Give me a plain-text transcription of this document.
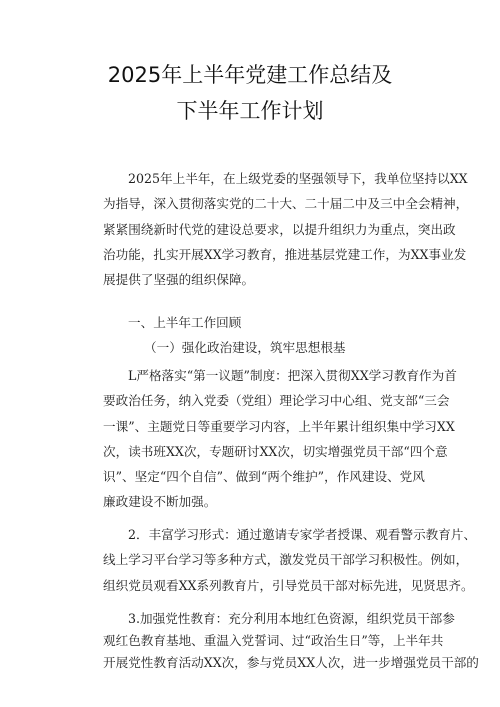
2025年上半年党建工作总结及
下半年工作计划
2025年上半年，在上级党委的坚强领导下，我单位坚持以XX
为指导，深入贯彻落实党的二十大、二十届二中及三中全会精神，
紧紧围绕新时代党的建设总要求，以提升组织力为重点，突出政
治功能，扎实开展XX学习教育，推进基层党建工作，为XX事业发
展提供了坚强的组织保障。
一、上半年工作回顾
（一）强化政治建设，筑牢思想根基
L严格落实“第一议题”制度：把深入贯彻XX学习教育作为首
要政治任务，纳入党委（党组）理论学习中心组、党支部“三会
一课”、主题党日等重要学习内容，上半年累计组织集中学习XX
次，读书班XX次，专题研讨XX次，切实增强党员干部“四个意
识”、坚定“四个自信”、做到“两个维护”，作风建设、党风
廉政建设不断加强。
2．丰富学习形式：通过邀请专家学者授课、观看警示教育片、
线上学习平台学习等多种方式，激发党员干部学习积极性。例如，
组织党员观看XX系列教育片，引导党员干部对标先进，见贤思齐。
3.加强党性教育：充分利用本地红色资源，组织党员干部参
观红色教育基地、重温入党誓词、过“政治生日”等，上半年共
开展党性教育活动XX次，参与党员XX人次，进一步增强党员干部的
